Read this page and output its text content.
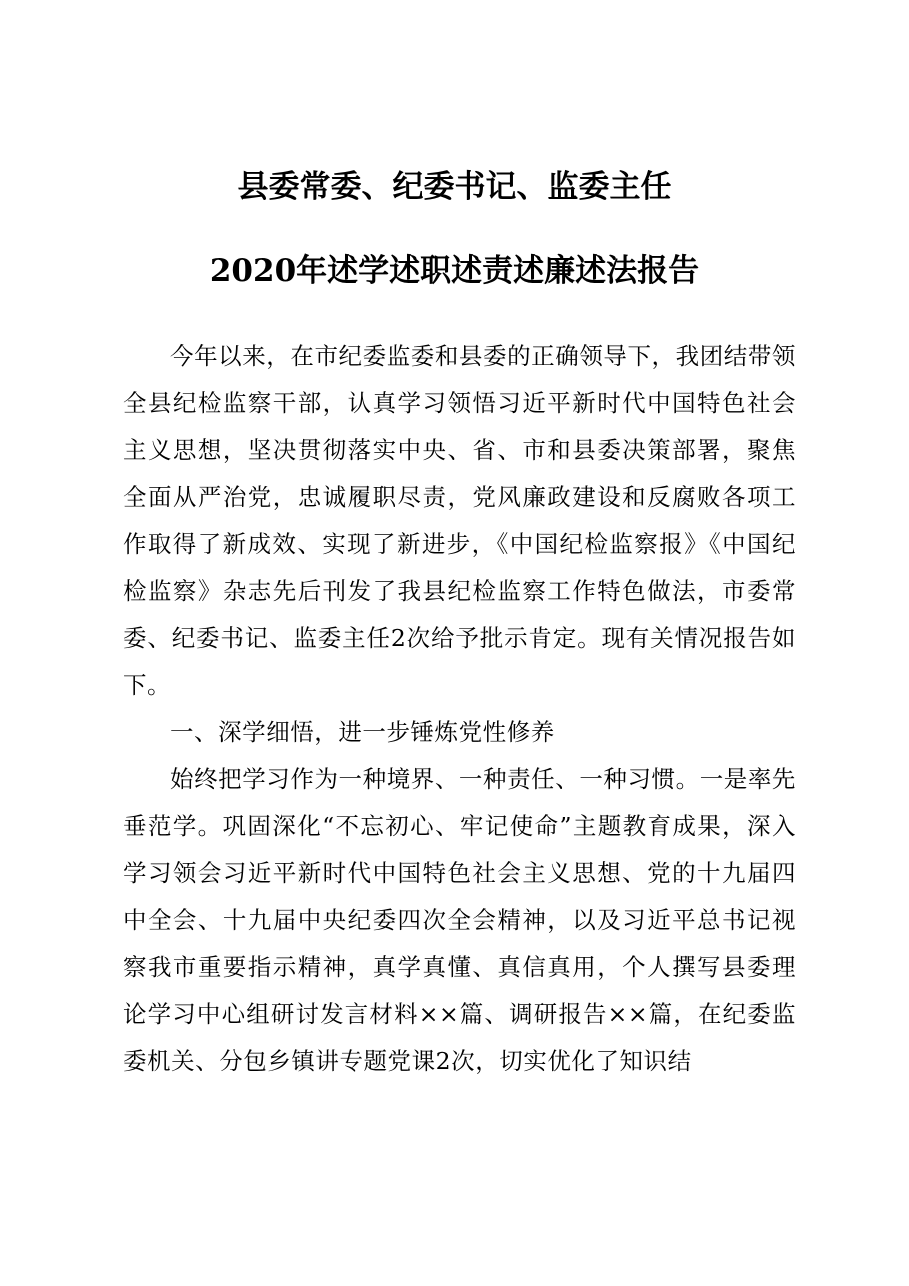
县委常委、纪委书记、监委主任
2020年述学述职述责述廉述法报告

今年以来，在市纪委监委和县委的正确领导下，我团结带领全县纪检监察干部，认真学习领悟习近平新时代中国特色社会主义思想，坚决贯彻落实中央、省、市和县委决策部署，聚焦全面从严治党，忠诚履职尽责，党风廉政建设和反腐败各项工作取得了新成效、实现了新进步，《中国纪检监察报》《中国纪检监察》杂志先后刊发了我县纪检监察工作特色做法，市委常委、纪委书记、监委主任2次给予批示肯定。现有关情况报告如下。

一、深学细悟，进一步锤炼党性修养

始终把学习作为一种境界、一种责任、一种习惯。一是率先垂范学。巩固深化“不忘初心、牢记使命”主题教育成果，深入学习领会习近平新时代中国特色社会主义思想、党的十九届四中全会、十九届中央纪委四次全会精神，以及习近平总书记视察我市重要指示精神，真学真懂、真信真用，个人撰写县委理论学习中心组研讨发言材料××篇、调研报告××篇，在纪委监委机关、分包乡镇讲专题党课2次，切实优化了知识结
